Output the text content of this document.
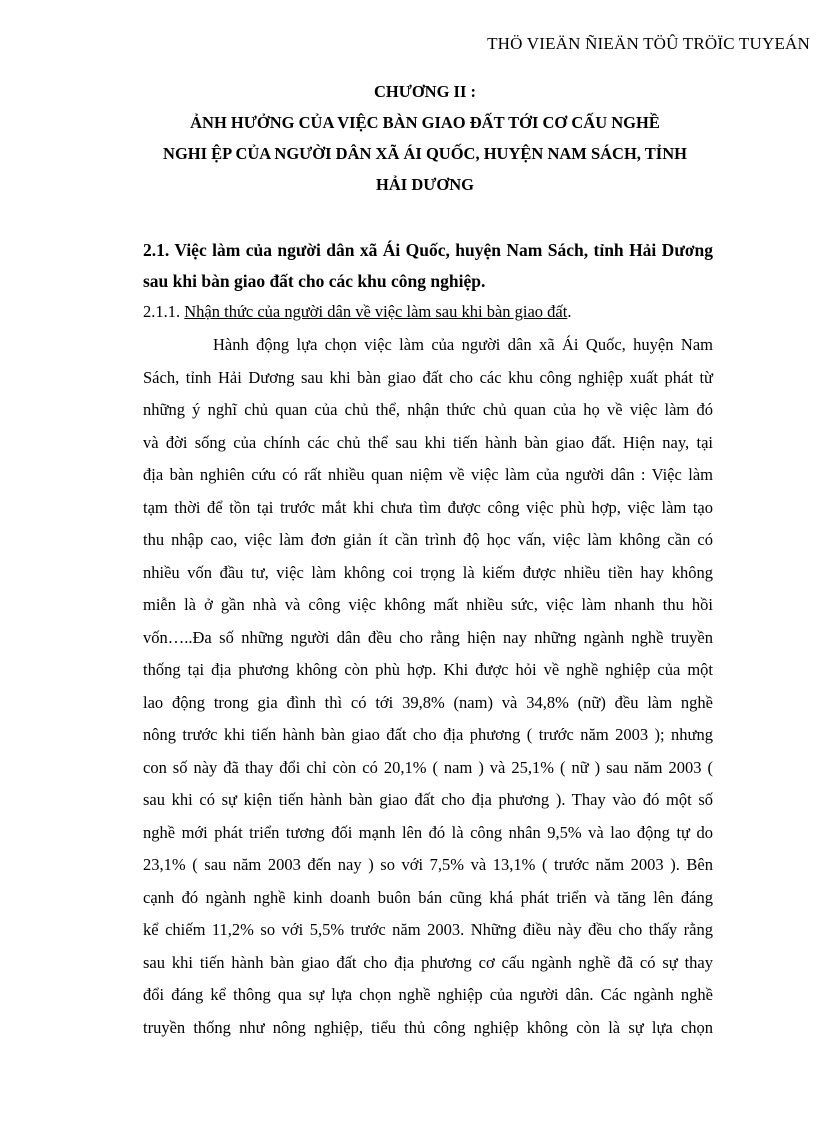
THÖ VIEÄN ÑIEÄN TÖÛ TRÖÏC TUYEÁN
CHƯƠNG II :
ẢNH HƯỞNG CỦA VIỆC BÀN GIAO ĐẤT TỚI CƠ CẤU NGHỀ
NGHI ỆP CỦA NGƯỜI DÂN XÃ ÁI QUỐC, HUYỆN NAM SÁCH, TỈNH
HẢI DƯƠNG
2.1. Việc làm của người dân xã Ái Quốc, huyện Nam Sách, tỉnh Hải Dương
sau khi bàn giao đất cho các khu công nghiệp.
2.1.1. Nhận thức của người dân về việc làm sau khi bàn giao đất.
Hành động lựa chọn việc làm của người dân xã Ái Quốc, huyện Nam
Sách, tỉnh Hải Dương sau khi bàn giao đất cho các khu công nghiệp xuất phát từ
những ý nghĩ chủ quan của chủ thể, nhận thức chủ quan của họ về việc làm đó
và đời sống của chính các chủ thể sau khi tiến hành bàn giao đất. Hiện nay, tại
địa bàn nghiên cứu có rất nhiều quan niệm về việc làm của người dân : Việc làm
tạm thời để tồn tại trước mắt khi chưa tìm được công việc phù hợp, việc làm tạo
thu nhập cao, việc làm đơn giản ít cần trình độ học vấn, việc làm không cần có
nhiều vốn đầu tư, việc làm không coi trọng là kiếm được nhiều tiền hay không
miễn là ở gần nhà và công việc không mất nhiều sức, việc làm nhanh thu hồi
vốn…..Đa số những người dân đều cho rằng hiện nay những ngành nghề truyền
thống tại địa phương không còn phù hợp. Khi được hỏi về nghề nghiệp của một
lao động trong gia đình thì có tới 39,8% (nam) và 34,8% (nữ) đều làm nghề
nông trước khi tiến hành bàn giao đất cho địa phương ( trước năm 2003 ); nhưng
con số này đã thay đổi chỉ còn có 20,1% ( nam ) và 25,1% ( nữ ) sau năm 2003 (
sau khi có sự kiện tiến hành bàn giao đất cho địa phương ). Thay vào đó một số
nghề mới phát triển tương đối mạnh lên đó là công nhân 9,5% và lao động tự do
23,1% ( sau năm 2003 đến nay ) so với 7,5% và 13,1% ( trước năm 2003 ). Bên
cạnh đó ngành nghề kinh doanh buôn bán cũng khá phát triển và tăng lên đáng
kể chiếm 11,2% so với 5,5% trước năm 2003. Những điều này đều cho thấy rằng
sau khi tiến hành bàn giao đất cho địa phương cơ cấu ngành nghề đã có sự thay
đổi đáng kể thông qua sự lựa chọn nghề nghiệp của người dân. Các ngành nghề
truyền thống như nông nghiệp, tiểu thủ công nghiệp không còn là sự lựa chọn
